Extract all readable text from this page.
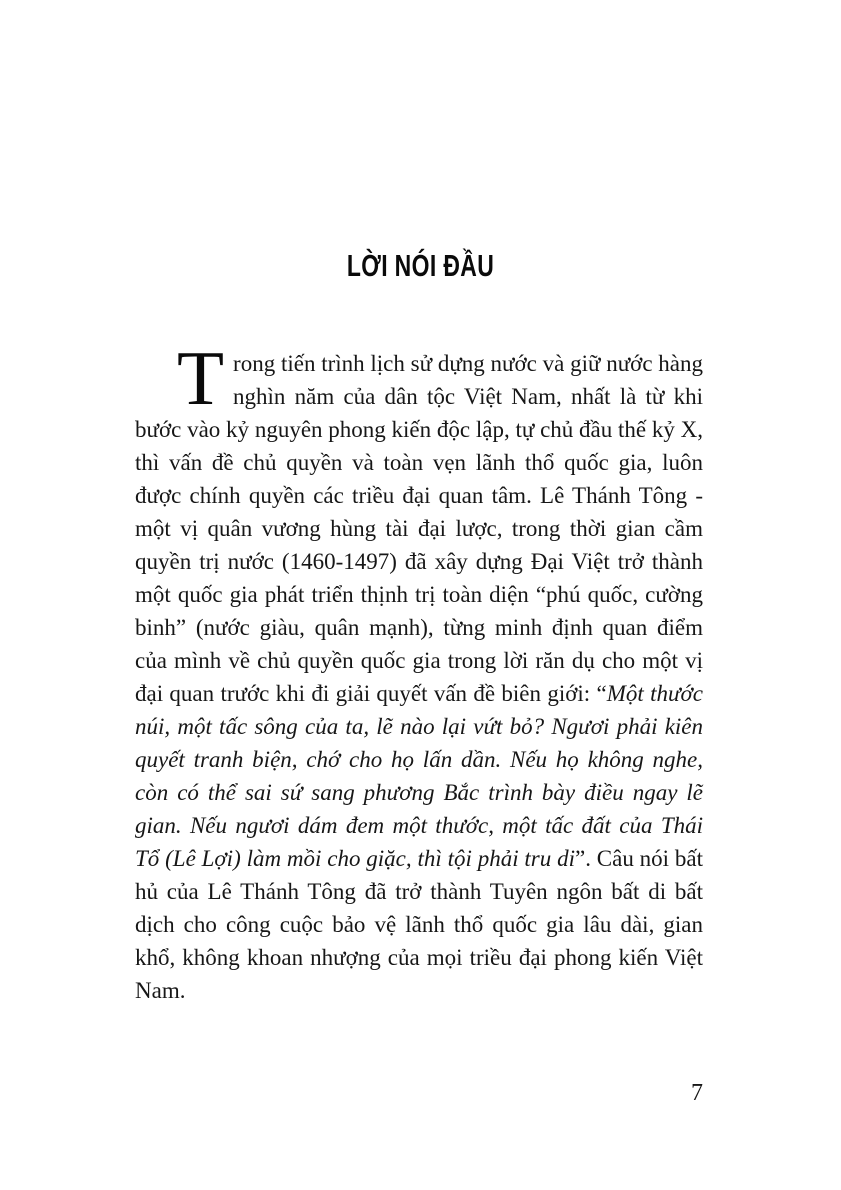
LỜI NÓI ĐẦU
Trong tiến trình lịch sử dựng nước và giữ nước hàng nghìn năm của dân tộc Việt Nam, nhất là từ khi bước vào kỷ nguyên phong kiến độc lập, tự chủ đầu thế kỷ X, thì vấn đề chủ quyền và toàn vẹn lãnh thổ quốc gia, luôn được chính quyền các triều đại quan tâm. Lê Thánh Tông - một vị quân vương hùng tài đại lược, trong thời gian cầm quyền trị nước (1460-1497) đã xây dựng Đại Việt trở thành một quốc gia phát triển thịnh trị toàn diện “phú quốc, cường binh” (nước giàu, quân mạnh), từng minh định quan điểm của mình về chủ quyền quốc gia trong lời răn dụ cho một vị đại quan trước khi đi giải quyết vấn đề biên giới: “Một thước núi, một tấc sông của ta, lẽ nào lại vứt bỏ? Ngươi phải kiên quyết tranh biện, chớ cho họ lấn dần. Nếu họ không nghe, còn có thể sai sứ sang phương Bắc trình bày điều ngay lẽ gian. Nếu ngươi dám đem một thước, một tấc đất của Thái Tổ (Lê Lợi) làm mồi cho giặc, thì tội phải tru di”. Câu nói bất hủ của Lê Thánh Tông đã trở thành Tuyên ngôn bất di bất dịch cho công cuộc bảo vệ lãnh thổ quốc gia lâu dài, gian khổ, không khoan nhượng của mọi triều đại phong kiến Việt Nam.
7
